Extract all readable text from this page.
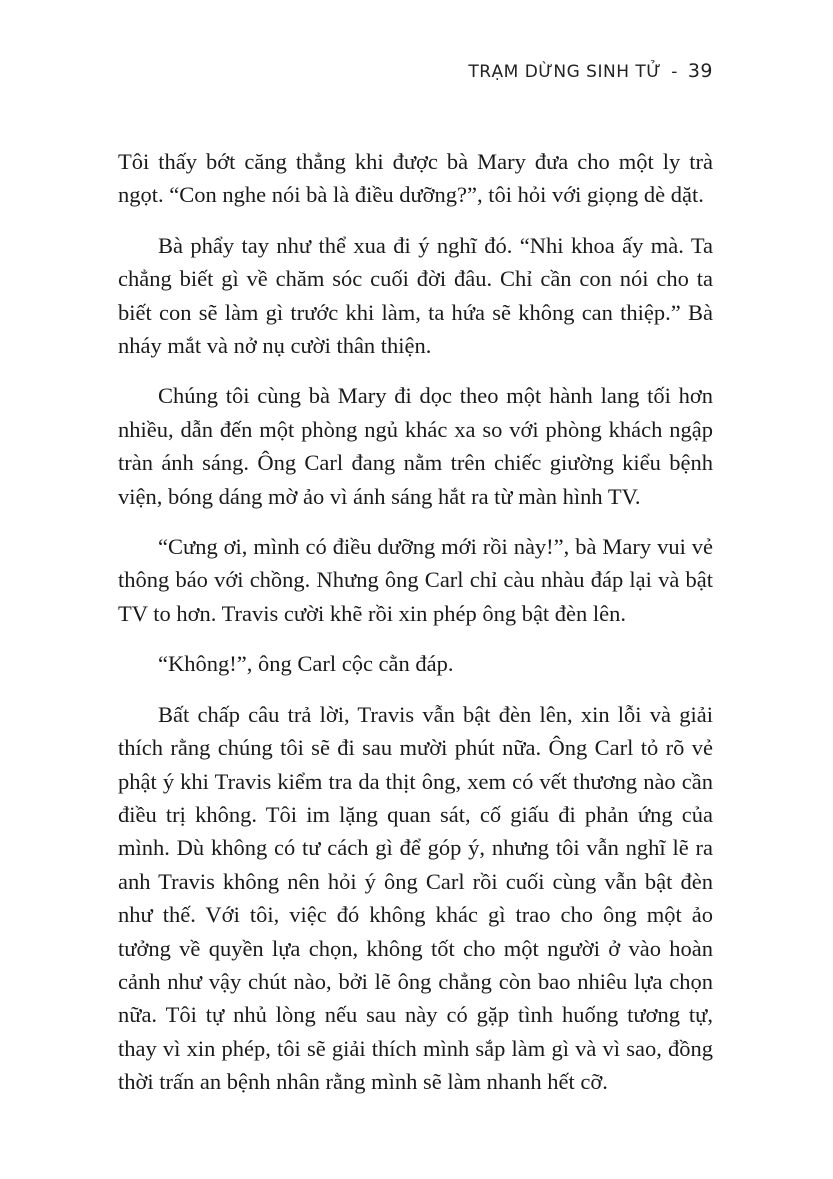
TRẠM DỪNG SINH TỬ - 39

Tôi thấy bớt căng thẳng khi được bà Mary đưa cho một ly trà ngọt. “Con nghe nói bà là điều dưỡng?”, tôi hỏi với giọng dè dặt.

Bà phẩy tay như thể xua đi ý nghĩ đó. “Nhi khoa ấy mà. Ta chẳng biết gì về chăm sóc cuối đời đâu. Chỉ cần con nói cho ta biết con sẽ làm gì trước khi làm, ta hứa sẽ không can thiệp.” Bà nháy mắt và nở nụ cười thân thiện.

Chúng tôi cùng bà Mary đi dọc theo một hành lang tối hơn nhiều, dẫn đến một phòng ngủ khác xa so với phòng khách ngập tràn ánh sáng. Ông Carl đang nằm trên chiếc giường kiểu bệnh viện, bóng dáng mờ ảo vì ánh sáng hắt ra từ màn hình TV.

“Cưng ơi, mình có điều dưỡng mới rồi này!”, bà Mary vui vẻ thông báo với chồng. Nhưng ông Carl chỉ càu nhàu đáp lại và bật TV to hơn. Travis cười khẽ rồi xin phép ông bật đèn lên.

“Không!”, ông Carl cộc cằn đáp.

Bất chấp câu trả lời, Travis vẫn bật đèn lên, xin lỗi và giải thích rằng chúng tôi sẽ đi sau mười phút nữa. Ông Carl tỏ rõ vẻ phật ý khi Travis kiểm tra da thịt ông, xem có vết thương nào cần điều trị không. Tôi im lặng quan sát, cố giấu đi phản ứng của mình. Dù không có tư cách gì để góp ý, nhưng tôi vẫn nghĩ lẽ ra anh Travis không nên hỏi ý ông Carl rồi cuối cùng vẫn bật đèn như thế. Với tôi, việc đó không khác gì trao cho ông một ảo tưởng về quyền lựa chọn, không tốt cho một người ở vào hoàn cảnh như vậy chút nào, bởi lẽ ông chẳng còn bao nhiêu lựa chọn nữa. Tôi tự nhủ lòng nếu sau này có gặp tình huống tương tự, thay vì xin phép, tôi sẽ giải thích mình sắp làm gì và vì sao, đồng thời trấn an bệnh nhân rằng mình sẽ làm nhanh hết cỡ.
